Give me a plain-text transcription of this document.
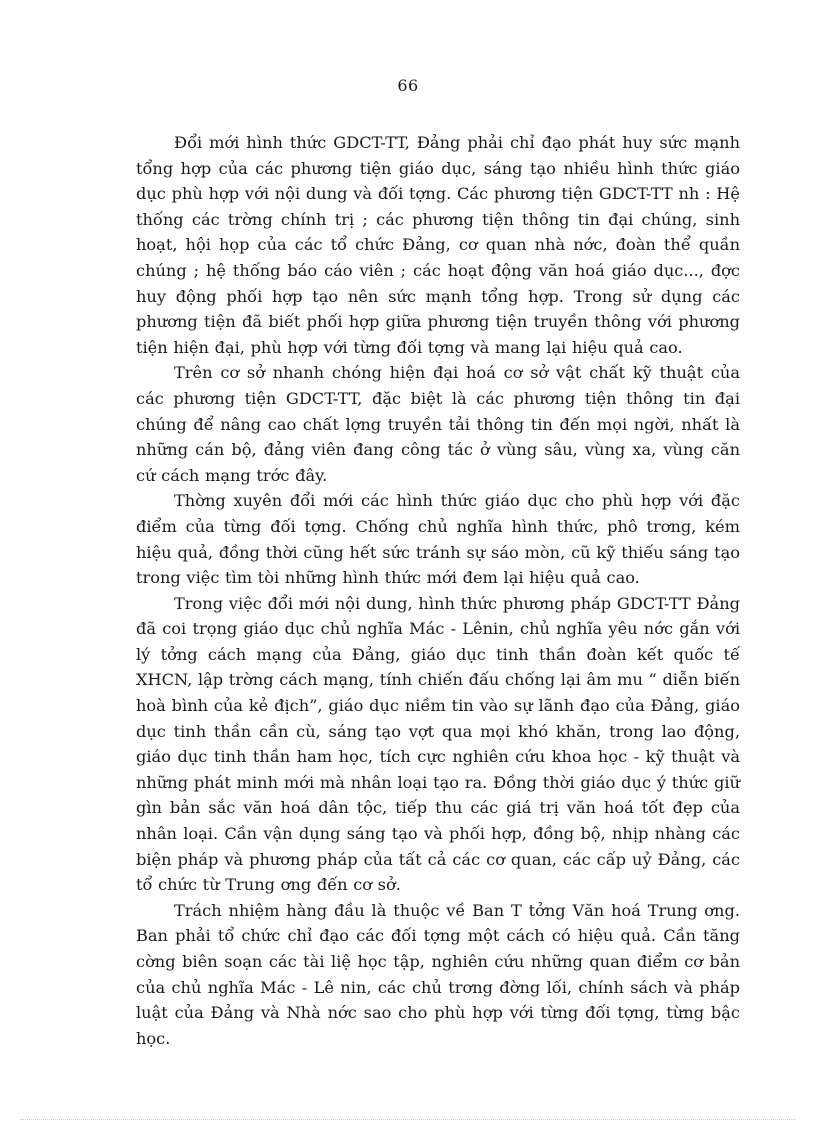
66

Đổi mới hình thức GDCT-TT, Đảng phải chỉ đạo phát huy sức mạnh tổng hợp của các phương tiện giáo dục, sáng tạo nhiều hình thức giáo dục phù hợp với nội dung và đối tợng. Các phương tiện GDCT-TT nh : Hệ thống các trờng chính trị ; các phương tiện thông tin đại chúng, sinh hoạt, hội họp của các tổ chức Đảng, cơ quan nhà nớc, đoàn thể quần chúng ; hệ thống báo cáo viên ; các hoạt động văn hoá giáo dục..., đợc huy động phối hợp tạo nên sức mạnh tổng hợp. Trong sử dụng các phương tiện đã biết phối hợp giữa phương tiện truyền thông với phương tiện hiện đại, phù hợp với từng đối tợng và mang lại hiệu quả cao.

Trên cơ sở nhanh chóng hiện đại hoá cơ sở vật chất kỹ thuật của các phương tiện GDCT-TT, đặc biệt là các phương tiện thông tin đại chúng để nâng cao chất lợng truyền tải thông tin đến mọi ngời, nhất là những cán bộ, đảng viên đang công tác ở vùng sâu, vùng xa, vùng căn cứ cách mạng trớc đây.

Thờng xuyên đổi mới các hình thức giáo dục cho phù hợp với đặc điểm của từng đối tợng. Chống chủ nghĩa hình thức, phô trơng, kém hiệu quả, đồng thời cũng hết sức tránh sự sáo mòn, cũ kỹ thiếu sáng tạo trong việc tìm tòi những hình thức mới đem lại hiệu quả cao.

Trong việc đổi mới nội dung, hình thức phương pháp GDCT-TT Đảng đã coi trọng giáo dục chủ nghĩa Mác - Lênin, chủ nghĩa yêu nớc gắn với lý tởng cách mạng của Đảng, giáo dục tinh thần đoàn kết quốc tế XHCN, lập trờng cách mạng, tính chiến đấu chống lại âm mu “ diễn biến hoà bình của kẻ địch”, giáo dục niềm tin vào sự lãnh đạo của Đảng, giáo dục tinh thần cần cù, sáng tạo vợt qua mọi khó khăn, trong lao động, giáo dục tinh thần ham học, tích cực nghiên cứu khoa học - kỹ thuật và những phát minh mới mà nhân loại tạo ra. Đồng thời giáo dục ý thức giữ gìn bản sắc văn hoá dân tộc, tiếp thu các giá trị văn hoá tốt đẹp của nhân loại. Cần vận dụng sáng tạo và phối hợp, đồng bộ, nhịp nhàng các biện pháp và phương pháp của tất cả các cơ quan, các cấp uỷ Đảng, các tổ chức từ Trung ơng đến cơ sở.

Trách nhiệm hàng đầu là thuộc về Ban T tởng Văn hoá Trung ơng. Ban phải tổ chức chỉ đạo các đối tợng một cách có hiệu quả. Cần tăng cờng biên soạn các tài liệ học tập, nghiên cứu những quan điểm cơ bản của chủ nghĩa Mác - Lê nin, các chủ trơng đờng lối, chính sách và pháp luật của Đảng và Nhà nớc sao cho phù hợp với từng đối tợng, từng bậc học.
